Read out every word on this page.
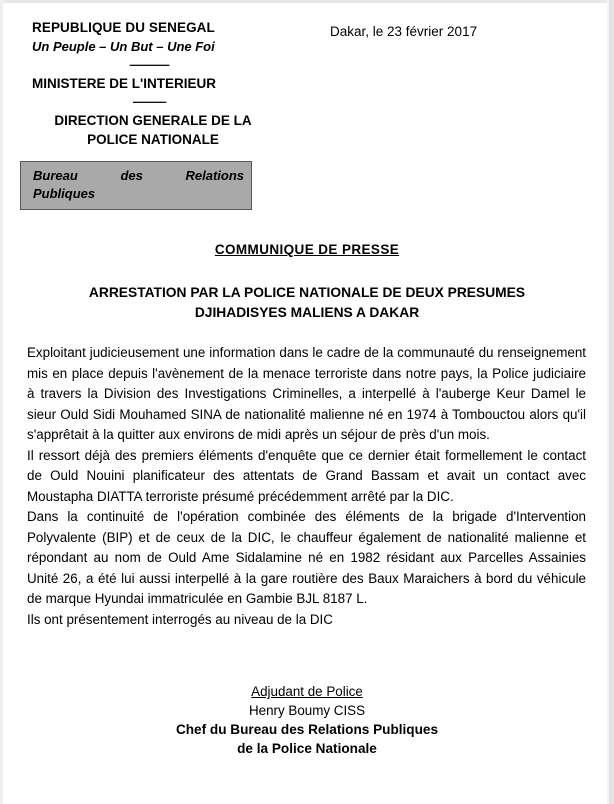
REPUBLIQUE DU SENEGAL
Un Peuple – Un But – Une Foi
----------------
MINISTERE DE L'INTERIEUR
--------------
DIRECTION GENERALE DE LA
POLICE NATIONALE
Dakar, le 23 février 2017
Bureau	des	Relations
Publiques
COMMUNIQUE DE PRESSE
ARRESTATION PAR LA POLICE NATIONALE DE DEUX PRESUMES
DJIHADISYES MALIENS A DAKAR

Exploitant judicieusement une information dans le cadre de la communauté du renseignement mis en place depuis l'avènement de la menace terroriste dans notre pays, la Police judiciaire à travers la Division des Investigations Criminelles, a interpellé à l'auberge Keur Damel le sieur Ould Sidi Mouhamed SINA de nationalité malienne né en 1974 à Tombouctou alors qu'il s'apprêtait à la quitter aux environs de midi après un séjour de près d'un mois.

Il ressort déjà des premiers éléments d'enquête que ce dernier était formellement le contact de Ould Nouini planificateur des attentats de Grand Bassam et avait un contact avec Moustapha DIATTA terroriste présumé précédemment arrêté par la DIC.

Dans la continuité de l'opération combinée des éléments de la brigade d'Intervention Polyvalente (BIP) et de ceux de la DIC, le chauffeur également de nationalité malienne et répondant au nom de Ould Ame Sidalamine né en 1982 résidant aux Parcelles Assainies Unité 26, a été lui aussi interpellé à la gare routière des Baux Maraichers à bord du véhicule de marque Hyundai immatriculée en Gambie BJL 8187 L.

Ils ont présentement interrogés au niveau de la DIC

Adjudant de Police
Henry Boumy CISS
Chef du Bureau des Relations Publiques
de la Police Nationale
